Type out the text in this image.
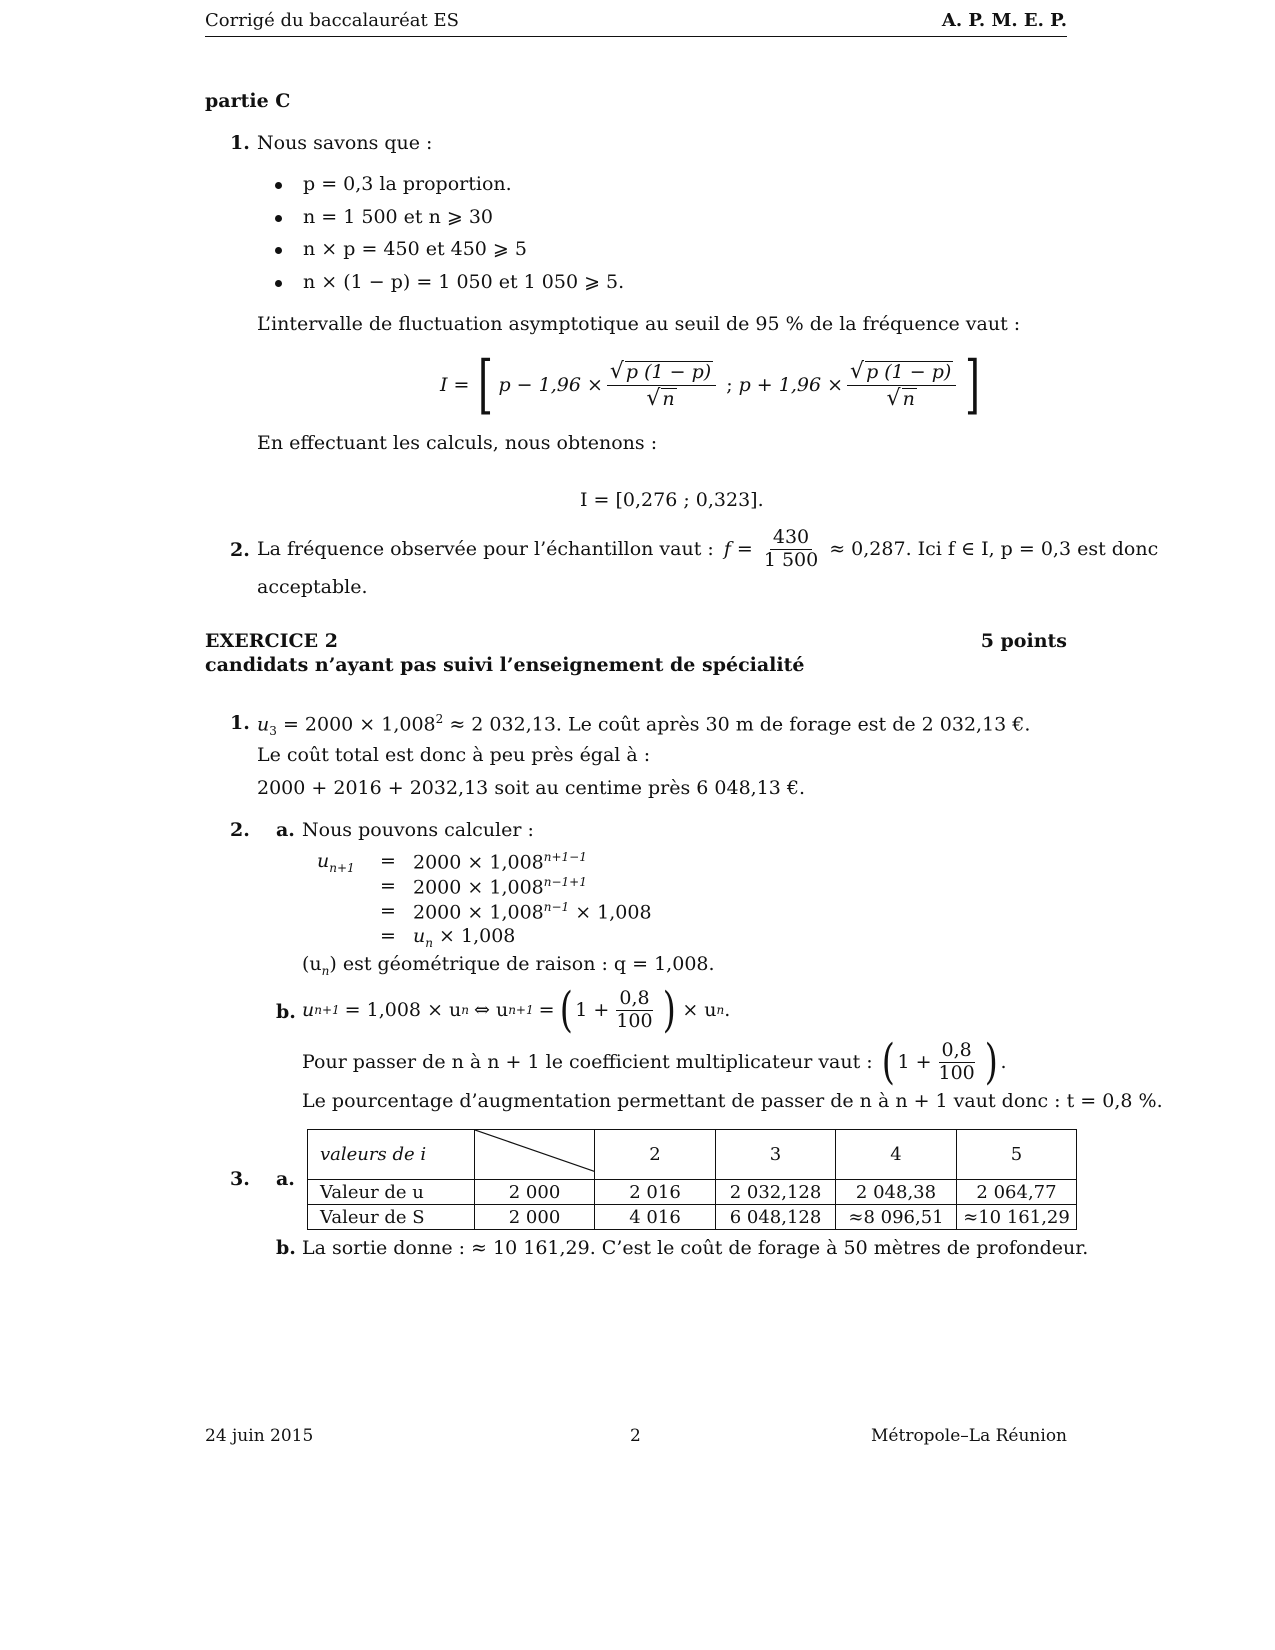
Corrigé du baccalauréat ES	A. P. M. E. P.
partie C
1. Nous savons que :
p = 0,3 la proportion.
n = 1 500 et n ⩾ 30
n × p = 450 et 450 ⩾ 5
n × (1 − p) = 1 050 et 1 050 ⩾ 5.
L’intervalle de fluctuation asymptotique au seuil de 95 % de la fréquence vaut :
I = [ $p - 1,96 \times \frac{√ p (1 - p)}{√ n}$ ; $p + 1,96 \times \frac{√ p (1 - p)}{√ n}$ ]
En effectuant les calculs, nous obtenons :
I = [0,276 ; 0,323].
2. La fréquence observée pour l’échantillon vaut : $f = \frac{430}{1 500} \approx 0,287$. Ici f ∈ I, p = 0,3 est donc
acceptable.
EXERCICE 2	5 points
candidats n’ayant pas suivi l’enseignement de spécialité
1. $u_3 = 2000 \times 1,008^2 \approx 2$ 032,13. Le coût après 30 m de forage est de 2 032,13 €.
Le coût total est donc à peu près égal à :
2000 + 2016 + 2032,13 soit au centime près 6 048,13 €.
2. a. Nous pouvons calculer :
$u_{n+1} = 2000 \times 1,008^{n+1-1}$
= $2000 \times 1,008^{n-1+1}$
= $2000 \times 1,008^{n-1} \times 1,008$
= $u_n \times 1,008$
$(u_n)$ est géométrique de raison : q = 1,008.
b. u n+1 = 1,008 × u n ⇔ u n+1 = ( $1 + \frac{0,8}{100}$ ) × u n .
Pour passer de n à n + 1 le coefficient multiplicateur vaut : ( $1 + \frac{0,8}{100}$ ) .
Le pourcentage d’augmentation permettant de passer de n à n + 1 vaut donc : t = 0,8 %.
3. a.
valeurs de i		2	3	4	5
Valeur de u	2 000	2 016	2 032,128	2 048,38	2 064,77
Valeur de S	2 000	4 016	6 048,128	≈8 096,51	≈10 161,29
b. La sortie donne : ≈ 10 161,29. C’est le coût de forage à 50 mètres de profondeur.
24 juin 2015	2	Métropole–La Réunion
